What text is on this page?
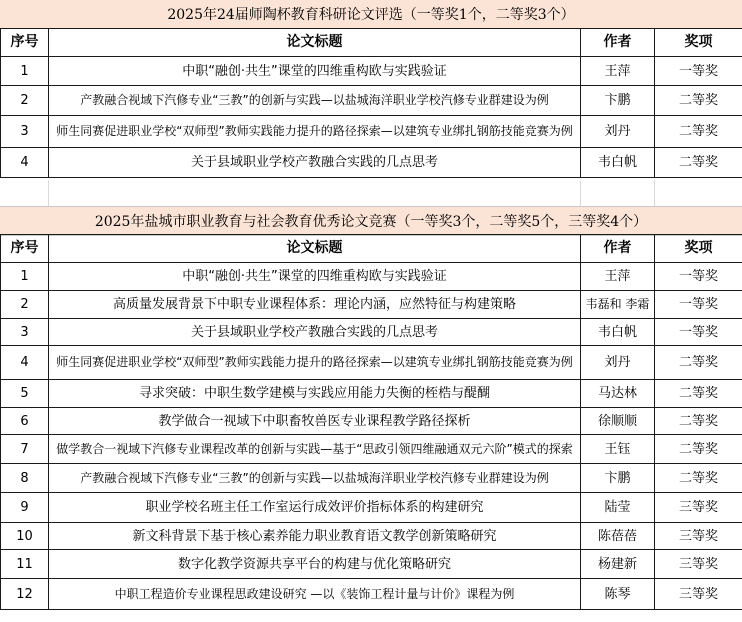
2025年24届师陶杯教育科研论文评选（一等奖1个，二等奖3个）
序号	论文标题	作者	奖项
1	中职“融创·共生”课堂的四维重构欧与实践验证	王萍	一等奖
2	产教融合视域下汽修专业“三教”的创新与实践—以盐城海洋职业学校汽修专业群建设为例	卞鹏	二等奖
3	师生同赛促进职业学校“双师型”教师实践能力提升的路径探索—以建筑专业绑扎钢筋技能竞赛为例	刘丹	二等奖
4	关于县域职业学校产教融合实践的几点思考	韦白帆	二等奖
2025年盐城市职业教育与社会教育优秀论文竞赛（一等奖3个，二等奖5个，三等奖4个）
序号	论文标题	作者	奖项
1	中职“融创·共生”课堂的四维重构欧与实践验证	王萍	一等奖
2	高质量发展背景下中职专业课程体系：理论内涵，应然特征与构建策略	韦磊和 李霜	一等奖
3	关于县域职业学校产教融合实践的几点思考	韦白帆	一等奖
4	师生同赛促进职业学校“双师型”教师实践能力提升的路径探索—以建筑专业绑扎钢筋技能竞赛为例	刘丹	二等奖
5	寻求突破：中职生数学建模与实践应用能力失衡的桎梏与醍醐	马达林	二等奖
6	教学做合一视域下中职畜牧兽医专业课程教学路径探析	徐顺顺	二等奖
7	做学教合一视域下汽修专业课程改革的创新与实践—基于“思政引领四维融通双元六阶”模式的探索	王钰	二等奖
8	产教融合视域下汽修专业“三教”的创新与实践—以盐城海洋职业学校汽修专业群建设为例	卞鹏	二等奖
9	职业学校名班主任工作室运行成效评价指标体系的构建研究	陆莹	三等奖
10	新文科背景下基于核心素养能力职业教育语文教学创新策略研究	陈蓓蓓	三等奖
11	数字化教学资源共享平台的构建与优化策略研究	杨建新	三等奖
12	中职工程造价专业课程思政建设研究 —以《装饰工程计量与计价》课程为例	陈琴	三等奖
